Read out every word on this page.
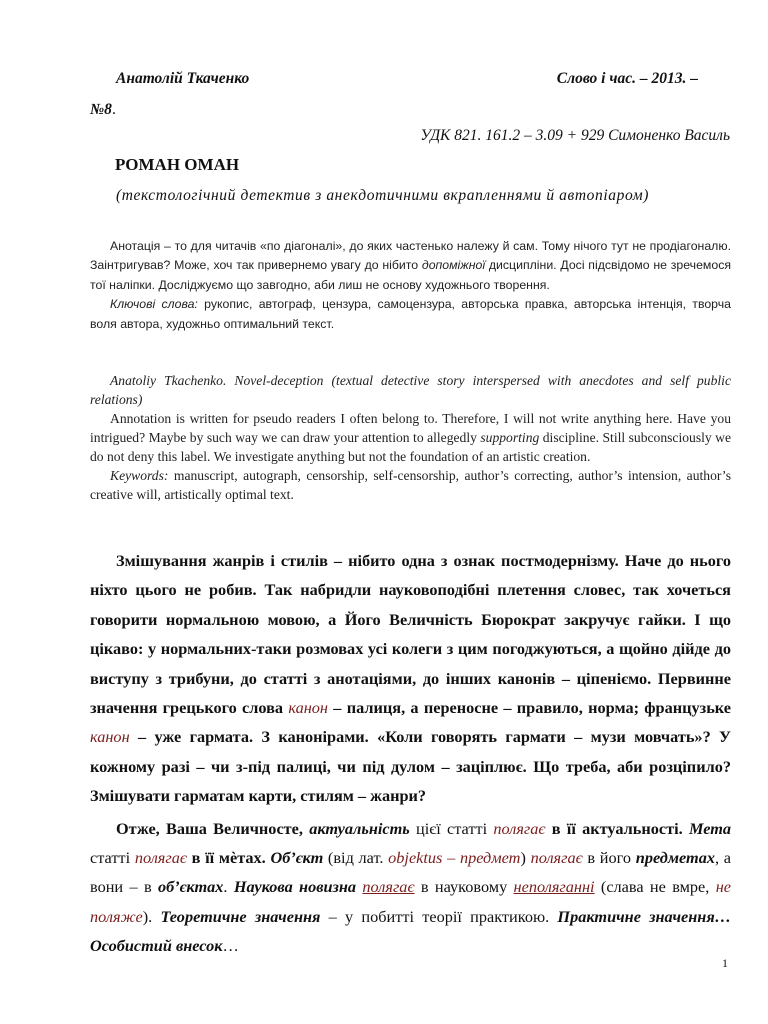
Анатолій Ткаченко	Слово і час. – 2013. –
№8.
УДК 821. 161.2 – 3.09 + 929 Симоненко Василь
РОМАН ОМАН
(текстологічний детектив з анекдотичними вкрапленнями й автопіаром)

Анотація – то для читачів «по діагоналі», до яких частенько належу й сам. Тому нічого тут не продіагоналю. Заінтригував? Може, хоч так привернемо увагу до нібито допоміжної дисципліни. Досі підсвідомо не зречемося тої наліпки. Досліджуємо що завгодно, аби лиш не основу художнього творення.

Ключові слова: рукопис, автограф, цензура, самоцензура, авторська правка, авторська інтенція, творча воля автора, художньо оптимальний текст.

Anatoliy Tkachenko. Novel-deception (textual detective story interspersed with anecdotes and self public relations)

Annotation is written for pseudo readers I often belong to. Therefore, I will not write anything here. Have you intrigued? Maybe by such way we can draw your attention to allegedly supporting discipline. Still subconsciously we do not deny this label. We investigate anything but not the foundation of an artistic creation.

Keywords: manuscript, autograph, censorship, self-censorship, author’s correcting, author’s intension, author’s creative will, artistically optimal text.

Змішування жанрів і стилів – нібито одна з ознак постмодернізму. Наче до нього ніхто цього не робив. Так набридли науковоподібні плетення словес, так хочеться говорити нормальною мовою, а Його Величність Бюрократ закручує гайки. І що цікаво: у нормальних-таки розмовах усі колеги з цим погоджуються, а щойно дійде до виступу з трибуни, до статті з анотаціями, до інших канонів – ціпеніємо. Первинне значення грецького слова канон – палиця, а переносне – правило, норма; французьке канон – уже гармата. З канонірами. «Коли говорять гармати – музи мовчать»? У кожному разі – чи з-під палиці, чи під дулом – заціплює. Що треба, аби розціпило? Змішувати гарматам карти, стилям – жанри?

Отже, Ваша Величносте, актуальність цієї статті полягає в її актуальності. Мета статті полягає в її мѐтах. Об’єкт (від лат. objektus – предмет) полягає в його предметах, а вони – в об’єктах. Наукова новизна полягає в науковому неполяганні (слава не вмре, не поляже). Теоретичне значення – у побитті теорії практикою. Практичне значення… Особистий внесок…

1
